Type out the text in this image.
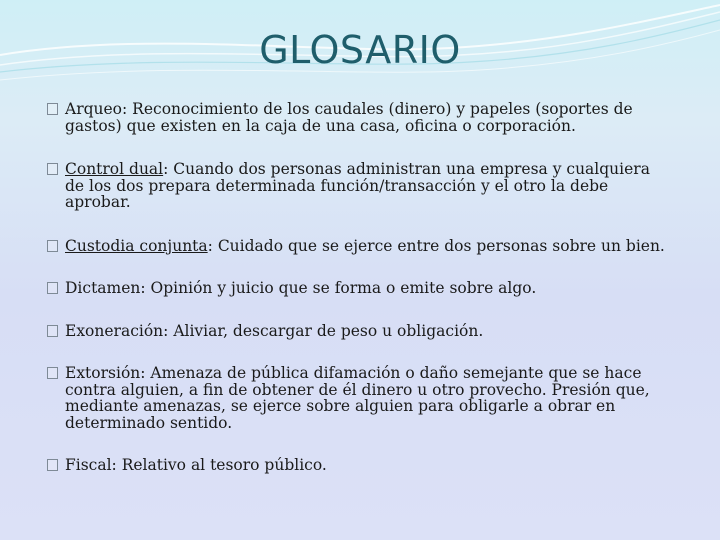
GLOSARIO
Arqueo: Reconocimiento de los caudales (dinero) y papeles (soportes de gastos) que existen en la caja de una casa, oficina o corporación.
Control dual: Cuando dos personas administran una empresa y cualquiera de los dos prepara determinada función/transacción y el otro la debe aprobar.
Custodia conjunta: Cuidado que se ejerce entre dos personas sobre un bien.
Dictamen: Opinión y juicio que se forma o emite sobre algo.
Exoneración: Aliviar, descargar de peso u obligación.
Extorsión: Amenaza de pública difamación o daño semejante que se hace contra alguien, a fin de obtener de él dinero u otro provecho. Presión que, mediante amenazas, se ejerce sobre alguien para obligarle a obrar en determinado sentido.
Fiscal: Relativo al tesoro público.
